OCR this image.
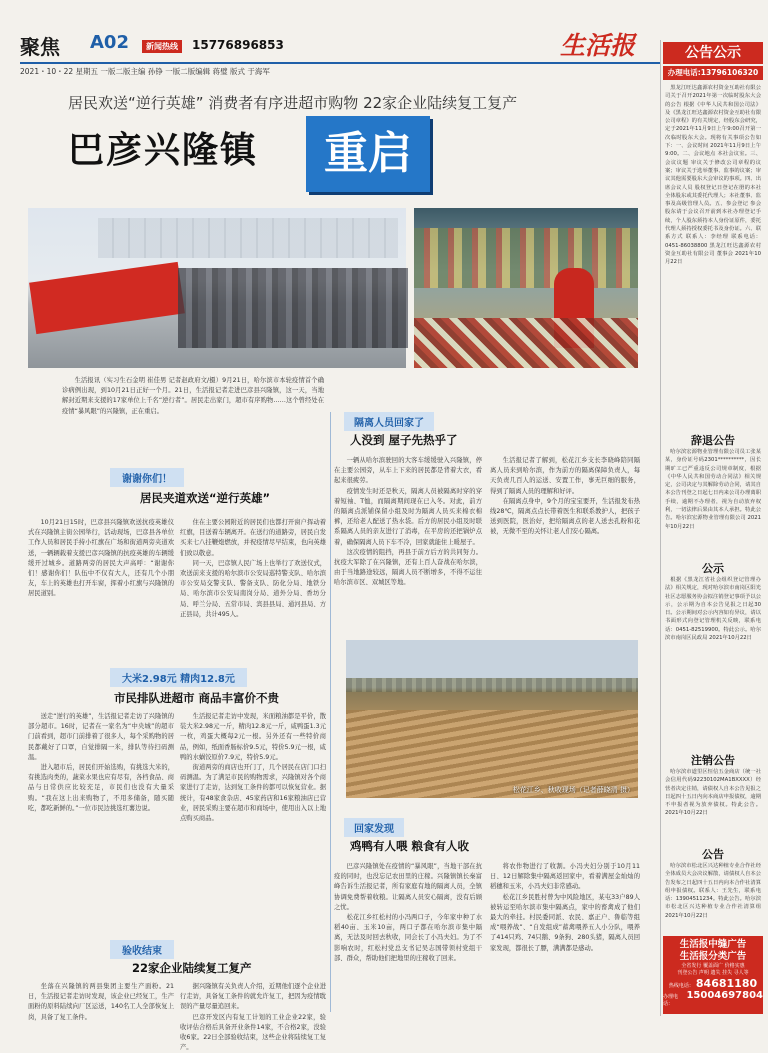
聚焦 A02	新闻热线	15776896853	生活报
2021・10・22 星期五 一版二版主编 孙铮 一版二版编辑 蒋璧 版式 于海军
居民欢送“逆行英雄” 消费者有序进超市购物 22家企业陆续复工复产
巴彦兴隆镇	重启

生活报讯（实习生石金明 崔佳男 记者赵政府文/摄）9月21日，哈尔滨市本轮疫情首个确诊病例出现，到10月21日正好一个月。21日，生活报记者走进巴彦县兴隆镇，这一天，当地解封近期来支援的17家单位上千名“逆行者”。居民走出家门，超市有序购物……这个曾经处在疫情“暴风眼”的兴隆镇，正在重启。

谢谢你们！
居民夹道欢送“逆行英雄”

10月21日15时，巴彦县兴隆镇欢送抗疫英雄仪式在兴隆镇主街公园举行，活动现场，巴彦县各单位工作人员和居民手持小红旗在广场和街道两旁夹道欢送，一辆辆载着支援巴彦兴隆镇的抗疫英雄的车辆缓缓开过城乡。道路两旁的居民大声高呼：“谢谢你们！感谢你们！队伍中不仅有大人，还有几个小朋友，车上的英雄也打开车窗，挥着小红旗与兴隆镇的居民道别。

住在主要公园附近的居民们也都打开窗户挥动着红旗，目送着车辆离开。在送行的道路旁，居民自发买来七八挂鞭炮燃放，并祝疫情尽早结束，也向英雄们致以敬意。

同一天，巴彦镇人民广场上也举行了欢送仪式，欢送前来支援的哈尔滨市公安局巡特警支队、哈尔滨市公安局交警支队、警备支队、防化分局、地铁分局、哈尔滨市公安局南岗分局、道外分局、香坊分局、呼兰分局、五常市局、宾县县局、通河县局、方正县局，共计495人。

大米2.98元 精肉12.8元
市民排队进超市 商品丰富价不贵

送走“逆行的英雄”，生活报记者走访了兴隆镇的部分超市。16时，记者在一家名为“中央城”的超市门前看到，超市门前排着了很多人，每个采购物的居民都戴好了口罩，自觉排隔一米，排队等待扫码测温。

进入超市后，居民们开始选购，有挑选大米的，有挑选肉类的，蔬菜水果也应有尽有，各档食品、商品与日常供应比较充足，市民们也没有大量采购。“我在这上出来购物了，不用多储备，随买随吃，都吃新鲜的。”一位市民边挑选红薯边说。

生活报记者走访中发现，米面粮油都是平价，散装大米2.98元一斤，精肉12.8元一斤，咸鸭蛋1.3元一枚，鸡蛋大概每2元一根。另外还有一些特价商品，例如，纸面香肠标价9.5元，特价5.9元一根，咸鸭的水蜗饺原价7.9元，特价5.9元。

街道两旁的商店也开门了，几个居民在店门口扫码测温。为了满足市民的购物需求，兴隆镇对各个商家进行了走访，达到复工条件的都可以恢复营业。据统计，有48家食杂店、45家药店和16家粮油店已营业，居民采购主要在超市和商场中，使用出入以上地点购买商品。

验收结束
22家企业陆续复工复产

坐落在兴隆镇的两县集团主要生产面粉。21日，生活报记者走访时发现，该企业已经复工，生产面粉的原料陆续向厂区运送，140名工人全部恢复上岗，具备了复工条件。

据兴隆镇有关负责人介绍，近期他们逐个企业进行走访，具备复工条件的就允许复工，把因为疫情耽误的产量尽量追回来。

巴彦开发区内有复工计划的工业企业22家，验收评估合格后具备开业条件14家，不合格2家，没验收6家。22日全部验收结束，这些企业将陆续复工复产。

隔离人员回家了
人没到 屋子先热乎了

一辆从哈尔滨驶回的大客车缓缓驶入兴隆镇，停在主要公园旁，从车上下来的居民都是背着大衣，看起来很疲劳。

疫情发生时还是秋天，隔离人员被隔离时穿的穿着短袖、T恤，而隔离期间现在已入冬。对此，前方的隔离点派铺保留小组及时为隔离人员买来棉衣棉裤，还给老人配送了热水袋。后方的居民小组及时联系隔离人员的亲友进行了消毒，在平房的还把锅炉点着，确保隔离人员下车不冷，回家就能住上暖屋子。

这次疫情的阻挡，再县于前方后方的共同努力。抗疫大军除了在兴隆镇，还有上百人奋战在哈尔滨，由于当地路途较远，隔离人员不断增多，不得不运往哈尔滨市区、双城区等地。

生活报记者了解到，松花江乡支长李晓峰陪同隔离人员来到哈尔滨，作为前方的隔离保障负责人，每天负责几百人的运送、安置工作，事无巨细的服务，得到了隔离人员的理解和好评。

在隔离点身中，9个月的宝宝要开，生活报发布热线28℃，隔离点点长带着医生和联系教护人，把孩子送到医院，医治好，把给隔离点的老人送去孔粉和花被，无微不至的关怀让老人们安心隔离。

松花江乡、秋收现场（记者薛晓清 摄）
回家发现
鸡鸭有人喂 粮食有人收

巴彦兴隆镇处在疫情的“暴风眼”，当地干部在抗疫的同时，也没忘记农田里的庄稼。兴隆镇镇长秦富峰告诉生活报记者，所有家庭有地的隔离人员，全镇协调免费帮着收粮。让隔离人员安心隔离，没有后顾之忧。

松花江乡红松村的小冯两口子，今年家中种了水稻40亩、玉米10亩，两口子都在哈尔滨市集中隔离，无法及时回去秋收，同会长了小冯夫妇。为了不影响农时，红松村党总支书记吴志国带领村党组干部、群众，帮助他们把地里的庄稼收了回来。

将农作物进行了收割。小冯夫妇分别于10月11日、12日解除集中隔离返回家中，看着满屋金灿灿的稻穗和玉米，小冯夫妇非常感动。

松花江乡民胜村曾为中风险地区，某屯33户89人被转运至哈尔滨市集中隔离点，家中的畜禽成了他们最大的牵挂。村民委同派、农民、嘉正户、鲁临等组成“喂养战”、“自发组成”蓄禽喂养五人小分队，喂养了414只鸡、74只鹅、9条狗、280头猪，隔离人员回家发现，都很长了膘，满满都是感动。

公告公示
办理电话:13796106320

黑龙江旺达鑫源农村资金互助社有限公司关于召开2021年第一次临时股东大会的公告 根据《中华人民共和国公司法》及《黑龙江旺达鑫源农村资金互助社有限公司章程》的有关规定，经股东会研究，定于2021年11月9日上午9:00召开第一次临时股东大会。现将有关事项公告如下：一、会议时间 2021年11月9日上午9:00。二、会议地点 本社会议室。三、会议议题 审议关于修改公司章程的议案；审议关于选举董事、监事的议案；审议其他需要股东大会审议的事项。四、出席会议人员 股权登记日登记在册的本社全体股东或其委托代理人；本社董事、监事及高级管理人员。五、参会登记 参会股东请于会议召开前到本社办理登记手续，个人股东须持本人身份证原件，委托代理人须持授权委托书及身份证。六、联系方式 联系人：李经理 联系电话：0451-86038800 黑龙江旺达鑫源农村资金互助社有限公司 董事会 2021年10月22日

辞退公告

哈尔滨宏源物业管理有限公司员工张某某，身份证号码2301**********，因长期旷工已严重违反公司规章制度，根据《中华人民共和国劳动合同法》相关规定，公司决定与其解除劳动合同，请其自本公告刊登之日起七日内来公司办理离职手续，逾期不办理者，视为自动放弃权利，一切法律后果由其本人承担。特此公告。哈尔滨宏源物业管理有限公司 2021年10月22日

公示

根据《黑龙江省社会组织登记管理办法》相关规定，现对哈尔滨市南岗区阳光社区志愿服务协会拟注销登记事项予以公示，公示期为自本公告见报之日起30日。公示期间对公示内容如有异议，请以书面形式向登记管理机关反映，联系电话：0451-82519900。特此公示。哈尔滨市南岗区民政局 2021年10月22日

注销公告

哈尔滨市道里区恒信五金商店（统一社会信用代码92230102MA1BXXXX）经营者决定注销，请债权人自本公告见报之日起四十五日内向本商店申报债权，逾期不申报者视为放弃债权。特此公告。2021年10月22日

公告

哈尔滨市松北区兴达种植专业合作社经全体成员大会决议解散，请债权人自本公告发布之日起四十五日内向本合作社清算组申报债权。联系人：王先生，联系电话：13904511234。特此公告。哈尔滨市松北区兴达种植专业合作社清算组 2021年10月22日

生活报中缝广告
生活报分类广告
全省发行 覆盖面广 价格实惠
刊登公告 声明 遗失 挂失 寻人等
热线电话： 84681180
办理电话：
15004697804
